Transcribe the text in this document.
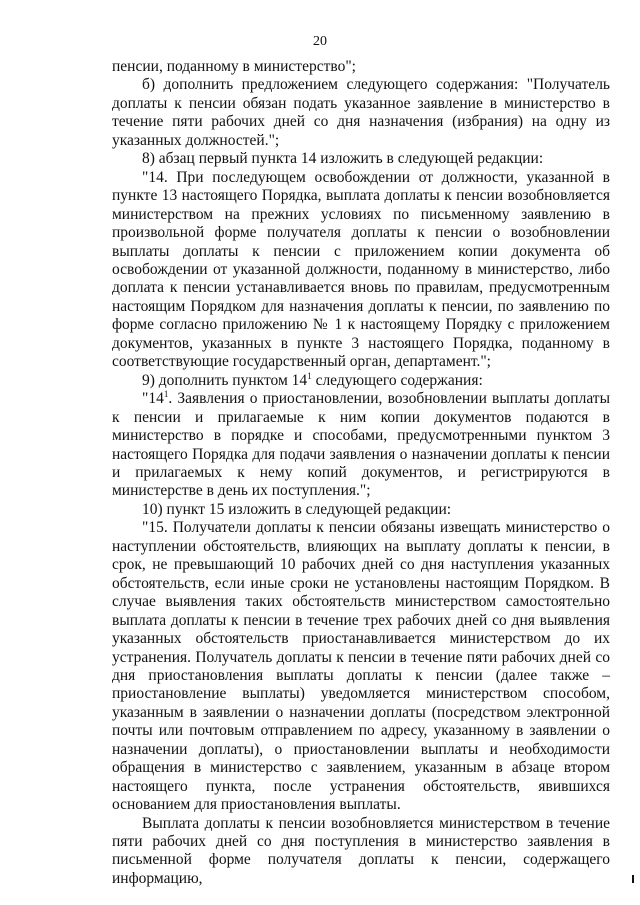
20

пенсии, поданному в министерство";

б) дополнить предложением следующего содержания: "Получатель доплаты к пенсии обязан подать указанное заявление в министерство в течение пяти рабочих дней со дня назначения (избрания) на одну из указанных должностей.";

8) абзац первый пункта 14 изложить в следующей редакции:

"14. При последующем освобождении от должности, указанной в пункте 13 настоящего Порядка, выплата доплаты к пенсии возобновляется министерством на прежних условиях по письменному заявлению в произвольной форме получателя доплаты к пенсии о возобновлении выплаты доплаты к пенсии с приложением копии документа об освобождении от указанной должности, поданному в министерство, либо доплата к пенсии устанавливается вновь по правилам, предусмотренным настоящим Порядком для назначения доплаты к пенсии, по заявлению по форме согласно приложению № 1 к настоящему Порядку с приложением документов, указанных в пункте 3 настоящего Порядка, поданному в соответствующие государственный орган, департамент.";

9) дополнить пунктом $14^1$ следующего содержания:

"$14^1$. Заявления о приостановлении, возобновлении выплаты доплаты к пенсии и прилагаемые к ним копии документов подаются в министерство в порядке и способами, предусмотренными пунктом 3 настоящего Порядка для подачи заявления о назначении доплаты к пенсии и прилагаемых к нему копий документов, и регистрируются в министерстве в день их поступления.";

10) пункт 15 изложить в следующей редакции:

"15. Получатели доплаты к пенсии обязаны извещать министерство о наступлении обстоятельств, влияющих на выплату доплаты к пенсии, в срок, не превышающий 10 рабочих дней со дня наступления указанных обстоятельств, если иные сроки не установлены настоящим Порядком. В случае выявления таких обстоятельств министерством самостоятельно выплата доплаты к пенсии в течение трех рабочих дней со дня выявления указанных обстоятельств приостанавливается министерством до их устранения. Получатель доплаты к пенсии в течение пяти рабочих дней со дня приостановления выплаты доплаты к пенсии (далее также – приостановление выплаты) уведомляется министерством способом, указанным в заявлении о назначении доплаты (посредством электронной почты или почтовым отправлением по адресу, указанному в заявлении о назначении доплаты), о приостановлении выплаты и необходимости обращения в министерство с заявлением, указанным в абзаце втором настоящего пункта, после устранения обстоятельств, явившихся основанием для приостановления выплаты.

Выплата доплаты к пенсии возобновляется министерством в течение пяти рабочих дней со дня поступления в министерство заявления в письменной форме получателя доплаты к пенсии, содержащего информацию,
